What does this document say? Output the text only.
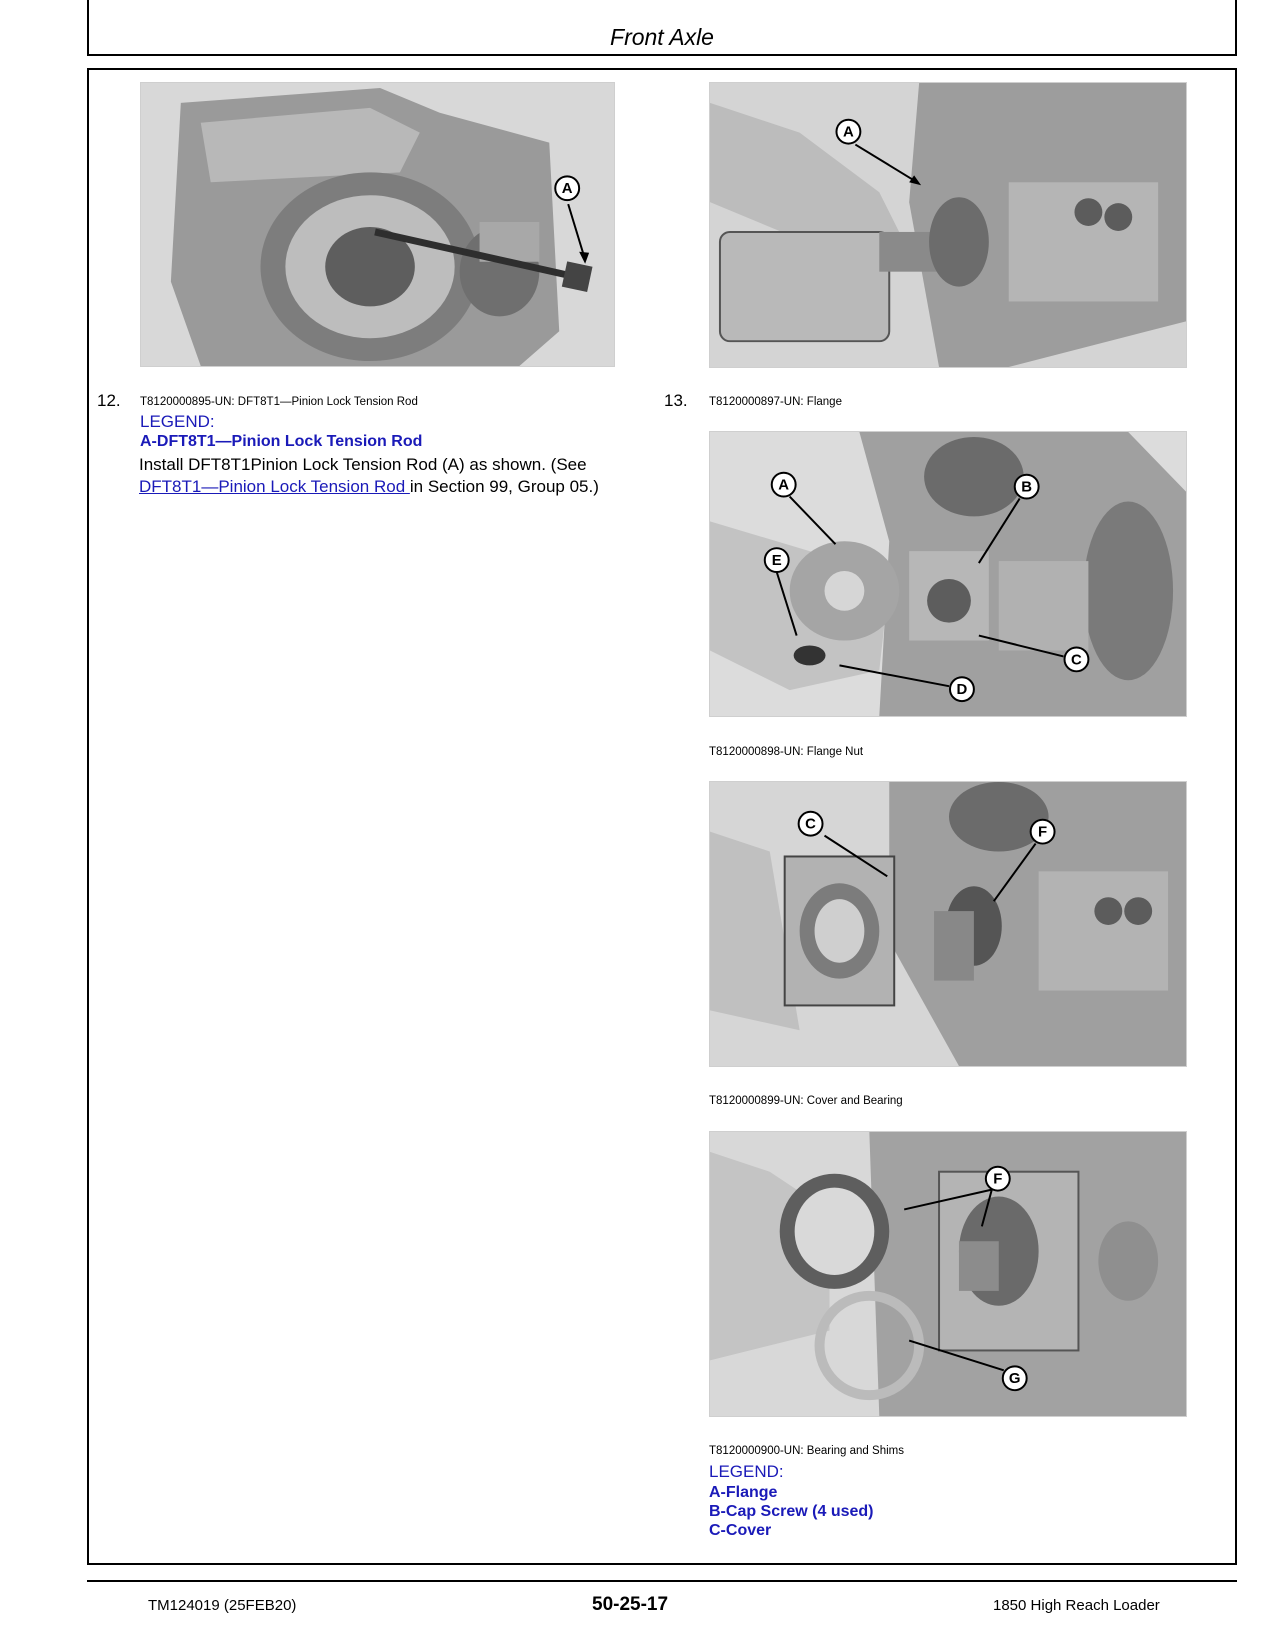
Front Axle
A
12. T8120000895-UN: DFT8T1—Pinion Lock Tension Rod
LEGEND:
A-DFT8T1—Pinion Lock Tension Rod
Install DFT8T1Pinion Lock Tension Rod (A) as shown. (See
DFT8T1—Pinion Lock Tension Rod in Section 99, Group 05.)
13.
A
T8120000897-UN: Flange
A	B
C
D
E
T8120000898-UN: Flange Nut
C	F
T8120000899-UN: Cover and Bearing
F
G
T8120000900-UN: Bearing and Shims
LEGEND:
A-Flange
B-Cap Screw (4 used)
C-Cover
TM124019 (25FEB20)	50-25-17	1850 High Reach Loader
